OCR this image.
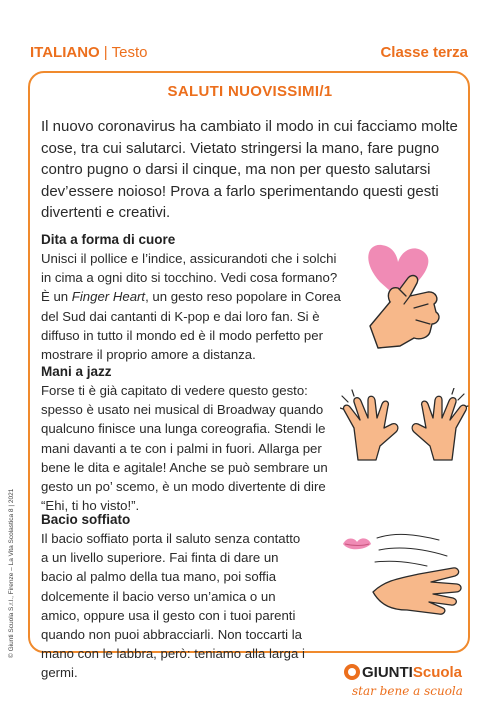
ITALIANO | Testo	Classe terza
SALUTI NUOVISSIMI/1
Il nuovo coronavirus ha cambiato il modo in cui facciamo molte cose, tra cui salutarci. Vietato stringersi la mano, fare pugno contro pugno o darsi il cinque, ma non per questo salutarsi dev’essere noioso! Prova a farlo sperimentando questi gesti divertenti e creativi.
Dita a forma di cuore

Unisci il pollice e l’indice, assicurandoti che i solchi in cima a ogni dito si tocchino. Vedi cosa formano? È un Finger Heart, un gesto reso popolare in Corea del Sud dai cantanti di K-pop e dai loro fan. Si è diffuso in tutto il mondo ed è il modo perfetto per mostrare il proprio amore a distanza.

Mani a jazz

Forse ti è già capitato di vedere questo gesto: spesso è usato nei musical di Broadway quando qualcuno finisce una lunga coreografia. Stendi le mani davanti a te con i palmi in fuori. Allarga per bene le dita e agitale! Anche se può sembrare un gesto un po’ scemo, è un modo divertente di dire “Ehi, ti ho visto!”.

Bacio soffiato

Il bacio soffiato porta il saluto senza contatto a un livello superiore. Fai finta di dare un bacio al palmo della tua mano, poi soffia dolcemente il bacio verso un’amica o un amico, oppure usa il gesto con i tuoi parenti quando non puoi abbracciarli. Non toccarti la mano con le labbra, però: teniamo alla larga i germi.

© Giunti Scuola S.r.l., Firenze – La Vita Scolastica 8 | 2021
GIUNTIScuola
star bene a scuola
